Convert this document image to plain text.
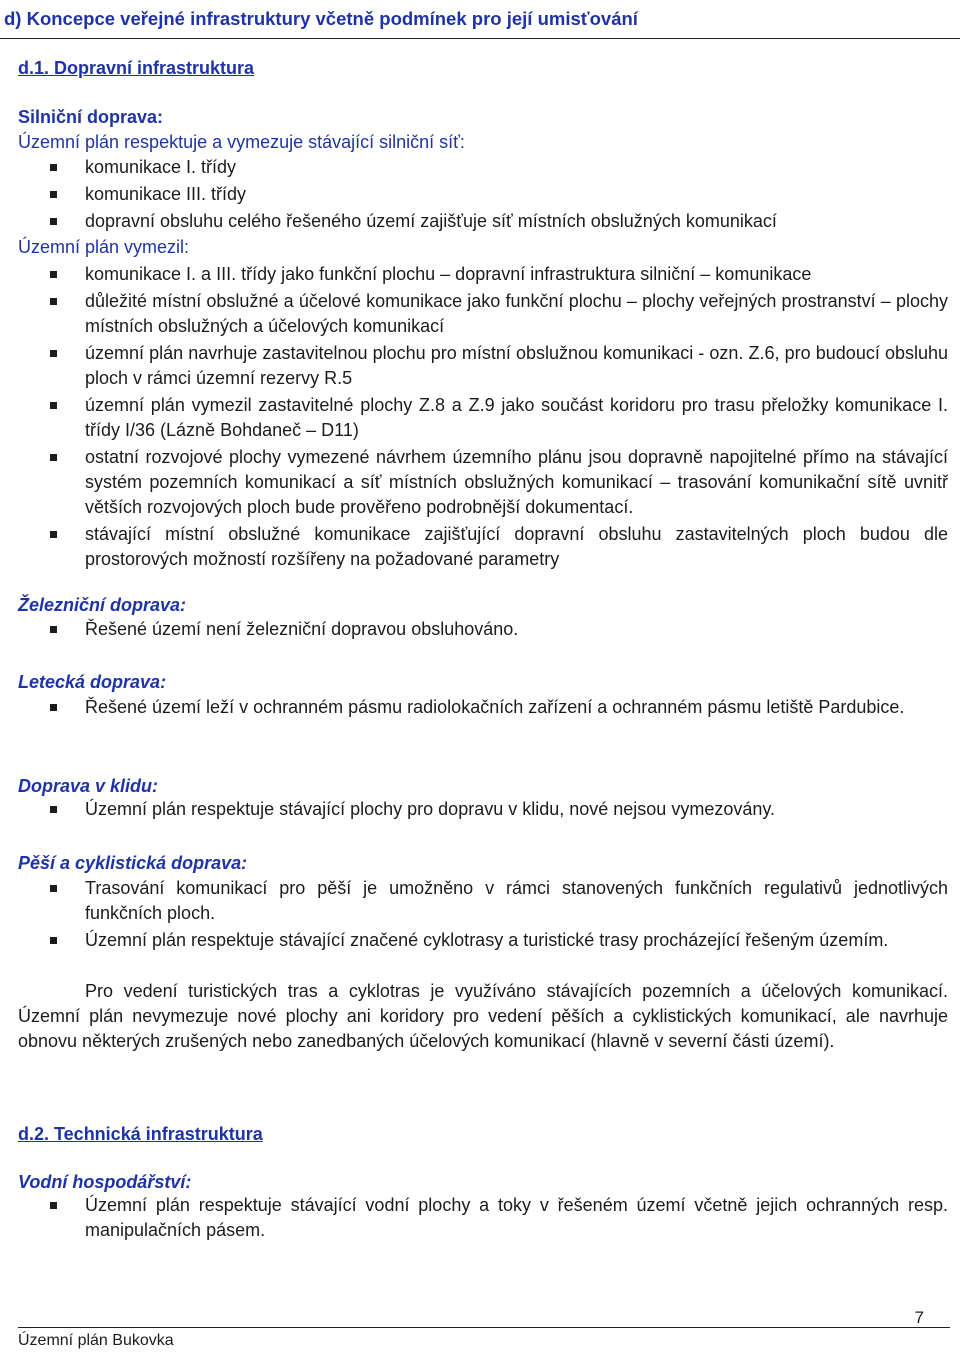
d) Koncepce veřejné infrastruktury včetně podmínek pro její umisťování
d.1. Dopravní infrastruktura
Silniční doprava:
Územní plán respektuje a vymezuje stávající silniční síť:
komunikace I. třídy
komunikace III. třídy
dopravní obsluhu celého řešeného území zajišťuje síť místních obslužných komunikací
Územní plán vymezil:
komunikace I. a III. třídy jako funkční plochu – dopravní infrastruktura silniční – komunikace
důležité místní obslužné a účelové komunikace jako funkční plochu – plochy veřejných prostranství – plochy místních obslužných a účelových komunikací
územní plán navrhuje zastavitelnou plochu pro místní obslužnou komunikaci - ozn. Z.6, pro budoucí obsluhu ploch v rámci územní rezervy R.5
územní plán vymezil zastavitelné plochy Z.8 a Z.9 jako součást koridoru pro trasu přeložky komunikace I. třídy I/36 (Lázně Bohdaneč – D11)
ostatní rozvojové plochy vymezené návrhem územního plánu jsou dopravně napojitelné přímo na stávající systém pozemních komunikací a síť místních obslužných komunikací – trasování komunikační sítě uvnitř větších rozvojových ploch bude prověřeno podrobnější dokumentací.
stávající místní obslužné komunikace zajišťující dopravní obsluhu zastavitelných ploch budou dle prostorových možností rozšířeny na požadované parametry
Železniční doprava:
Řešené území není železniční dopravou obsluhováno.
Letecká doprava:
Řešené území leží v ochranném pásmu radiolokačních zařízení a ochranném pásmu letiště Pardubice.
Doprava v klidu:
Územní plán respektuje stávající plochy pro dopravu v klidu, nové nejsou vymezovány.
Pěší a cyklistická doprava:
Trasování komunikací pro pěší je umožněno v rámci stanovených funkčních regulativů jednotlivých funkčních ploch.
Územní plán respektuje stávající značené cyklotrasy a turistické trasy procházející řešeným územím.
Pro vedení turistických tras a cyklotras je využíváno stávajících pozemních a účelových komunikací. Územní plán nevymezuje nové plochy ani koridory pro vedení pěších a cyklistických komunikací, ale navrhuje obnovu některých zrušených nebo zanedbaných účelových komunikací (hlavně v severní části území).
d.2. Technická infrastruktura
Vodní hospodářství:
Územní plán respektuje stávající vodní plochy a toky v řešeném území včetně jejich ochranných resp. manipulačních pásem.
7
Územní plán Bukovka
